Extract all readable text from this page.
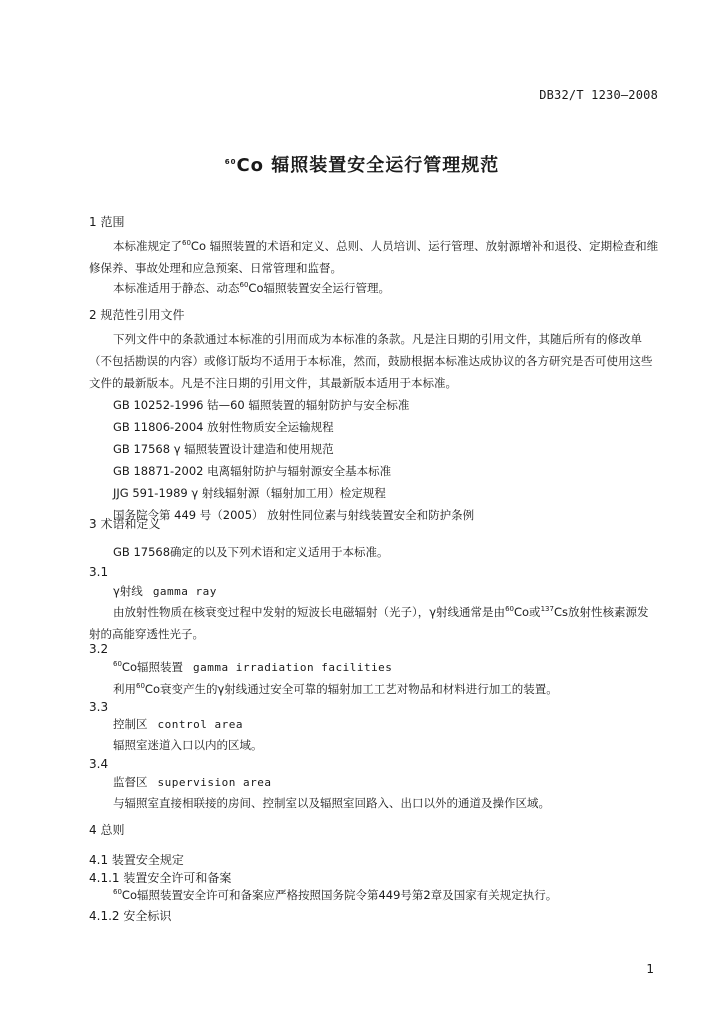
DB32/T 1230—2008
$^{60}$Co 辐照装置安全运行管理规范
1 范围
本标准规定了$^{60}$Co 辐照装置的术语和定义、总则、人员培训、运行管理、放射源增补和退役、定期检查和维修保养、事故处理和应急预案、日常管理和监督。
本标准适用于静态、动态$^{60}$Co辐照装置安全运行管理。
2 规范性引用文件
下列文件中的条款通过本标准的引用而成为本标准的条款。凡是注日期的引用文件，其随后所有的修改单（不包括勘误的内容）或修订版均不适用于本标准，然而，鼓励根据本标准达成协议的各方研究是否可使用这些文件的最新版本。凡是不注日期的引用文件，其最新版本适用于本标准。
GB 10252-1996 钴—60 辐照装置的辐射防护与安全标准
GB 11806-2004 放射性物质安全运输规程
GB 17568 γ 辐照装置设计建造和使用规范
GB 18871-2002 电离辐射防护与辐射源安全基本标准
JJG 591-1989 γ 射线辐射源（辐射加工用）检定规程
国务院令第 449 号（2005） 放射性同位素与射线装置安全和防护条例
3 术语和定义
GB 17568确定的以及下列术语和定义适用于本标准。
3.1
γ射线 gamma ray
由放射性物质在核衰变过程中发射的短波长电磁辐射（光子），γ射线通常是由$^{60}$Co或$^{137}$Cs放射性核素源发射的高能穿透性光子。
3.2
$^{60}$Co辐照装置 gamma irradiation facilities
利用$^{60}$Co衰变产生的γ射线通过安全可靠的辐射加工工艺对物品和材料进行加工的装置。
3.3
控制区 control area
辐照室迷道入口以内的区域。
3.4
监督区 supervision area
与辐照室直接相联接的房间、控制室以及辐照室回路入、出口以外的通道及操作区域。
4 总则
4.1 装置安全规定
4.1.1 装置安全许可和备案
$^{60}$Co辐照装置安全许可和备案应严格按照国务院令第449号第2章及国家有关规定执行。
4.1.2 安全标识
1
